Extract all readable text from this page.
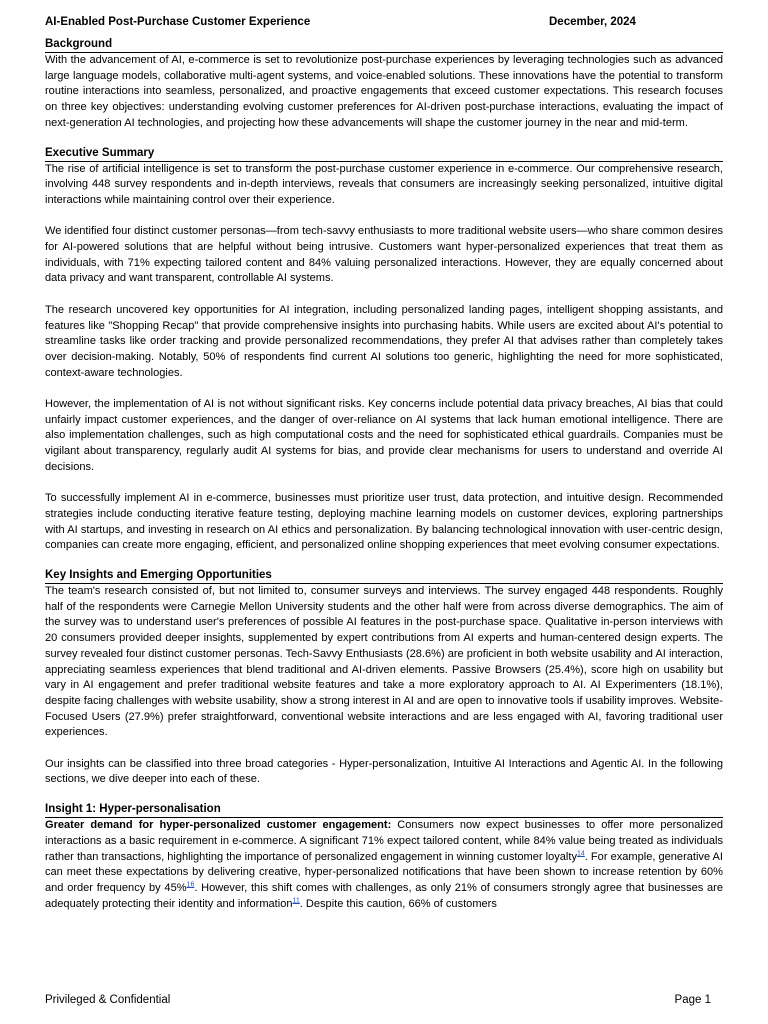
AI-Enabled Post-Purchase Customer Experience	December, 2024
Background

With the advancement of AI, e-commerce is set to revolutionize post-purchase experiences by leveraging technologies such as advanced large language models, collaborative multi-agent systems, and voice-enabled solutions. These innovations have the potential to transform routine interactions into seamless, personalized, and proactive engagements that exceed customer expectations. This research focuses on three key objectives: understanding evolving customer preferences for AI-driven post-purchase interactions, evaluating the impact of next-generation AI technologies, and projecting how these advancements will shape the customer journey in the near and mid-term.

Executive Summary

The rise of artificial intelligence is set to transform the post-purchase customer experience in e-commerce. Our comprehensive research, involving 448 survey respondents and in-depth interviews, reveals that consumers are increasingly seeking personalized, intuitive digital interactions while maintaining control over their experience.

We identified four distinct customer personas—from tech-savvy enthusiasts to more traditional website users—who share common desires for AI-powered solutions that are helpful without being intrusive. Customers want hyper-personalized experiences that treat them as individuals, with 71% expecting tailored content and 84% valuing personalized interactions. However, they are equally concerned about data privacy and want transparent, controllable AI systems.

The research uncovered key opportunities for AI integration, including personalized landing pages, intelligent shopping assistants, and features like "Shopping Recap" that provide comprehensive insights into purchasing habits. While users are excited about AI's potential to streamline tasks like order tracking and provide personalized recommendations, they prefer AI that advises rather than completely takes over decision-making. Notably, 50% of respondents find current AI solutions too generic, highlighting the need for more sophisticated, context-aware technologies.

However, the implementation of AI is not without significant risks. Key concerns include potential data privacy breaches, AI bias that could unfairly impact customer experiences, and the danger of over-reliance on AI systems that lack human emotional intelligence. There are also implementation challenges, such as high computational costs and the need for sophisticated ethical guardrails. Companies must be vigilant about transparency, regularly audit AI systems for bias, and provide clear mechanisms for users to understand and override AI decisions.

To successfully implement AI in e-commerce, businesses must prioritize user trust, data protection, and intuitive design. Recommended strategies include conducting iterative feature testing, deploying machine learning models on customer devices, exploring partnerships with AI startups, and investing in research on AI ethics and personalization. By balancing technological innovation with user-centric design, companies can create more engaging, efficient, and personalized online shopping experiences that meet evolving consumer expectations.

Key Insights and Emerging Opportunities

The team's research consisted of, but not limited to, consumer surveys and interviews. The survey engaged 448 respondents. Roughly half of the respondents were Carnegie Mellon University students and the other half were from across diverse demographics. The aim of the survey was to understand user's preferences of possible AI features in the post-purchase space. Qualitative in-person interviews with 20 consumers provided deeper insights, supplemented by expert contributions from AI experts and human-centered design experts. The survey revealed four distinct customer personas. Tech-Savvy Enthusiasts (28.6%) are proficient in both website usability and AI interaction, appreciating seamless experiences that blend traditional and AI-driven elements. Passive Browsers (25.4%), score high on usability but vary in AI engagement and prefer traditional website features and take a more exploratory approach to AI. AI Experimenters (18.1%), despite facing challenges with website usability, show a strong interest in AI and are open to innovative tools if usability improves. Website-Focused Users (27.9%) prefer straightforward, conventional website interactions and are less engaged with AI, favoring traditional user experiences.

Our insights can be classified into three broad categories - Hyper-personalization, Intuitive AI Interactions and Agentic AI. In the following sections, we dive deeper into each of these.

Insight 1: Hyper-personalisation

Greater demand for hyper-personalized customer engagement: Consumers now expect businesses to offer more personalized interactions as a basic requirement in e-commerce. A significant 71% expect tailored content, while 84% value being treated as individuals rather than transactions, highlighting the importance of personalized engagement in winning customer loyalty$^{14}$. For example, generative AI can meet these expectations by delivering creative, hyper-personalized notifications that have been shown to increase retention by 60% and order frequency by 45%$^{16}$. However, this shift comes with challenges, as only 21% of consumers strongly agree that businesses are adequately protecting their identity and information$^{11}$. Despite this caution, 66% of customers

Privileged & Confidential	Page 1
